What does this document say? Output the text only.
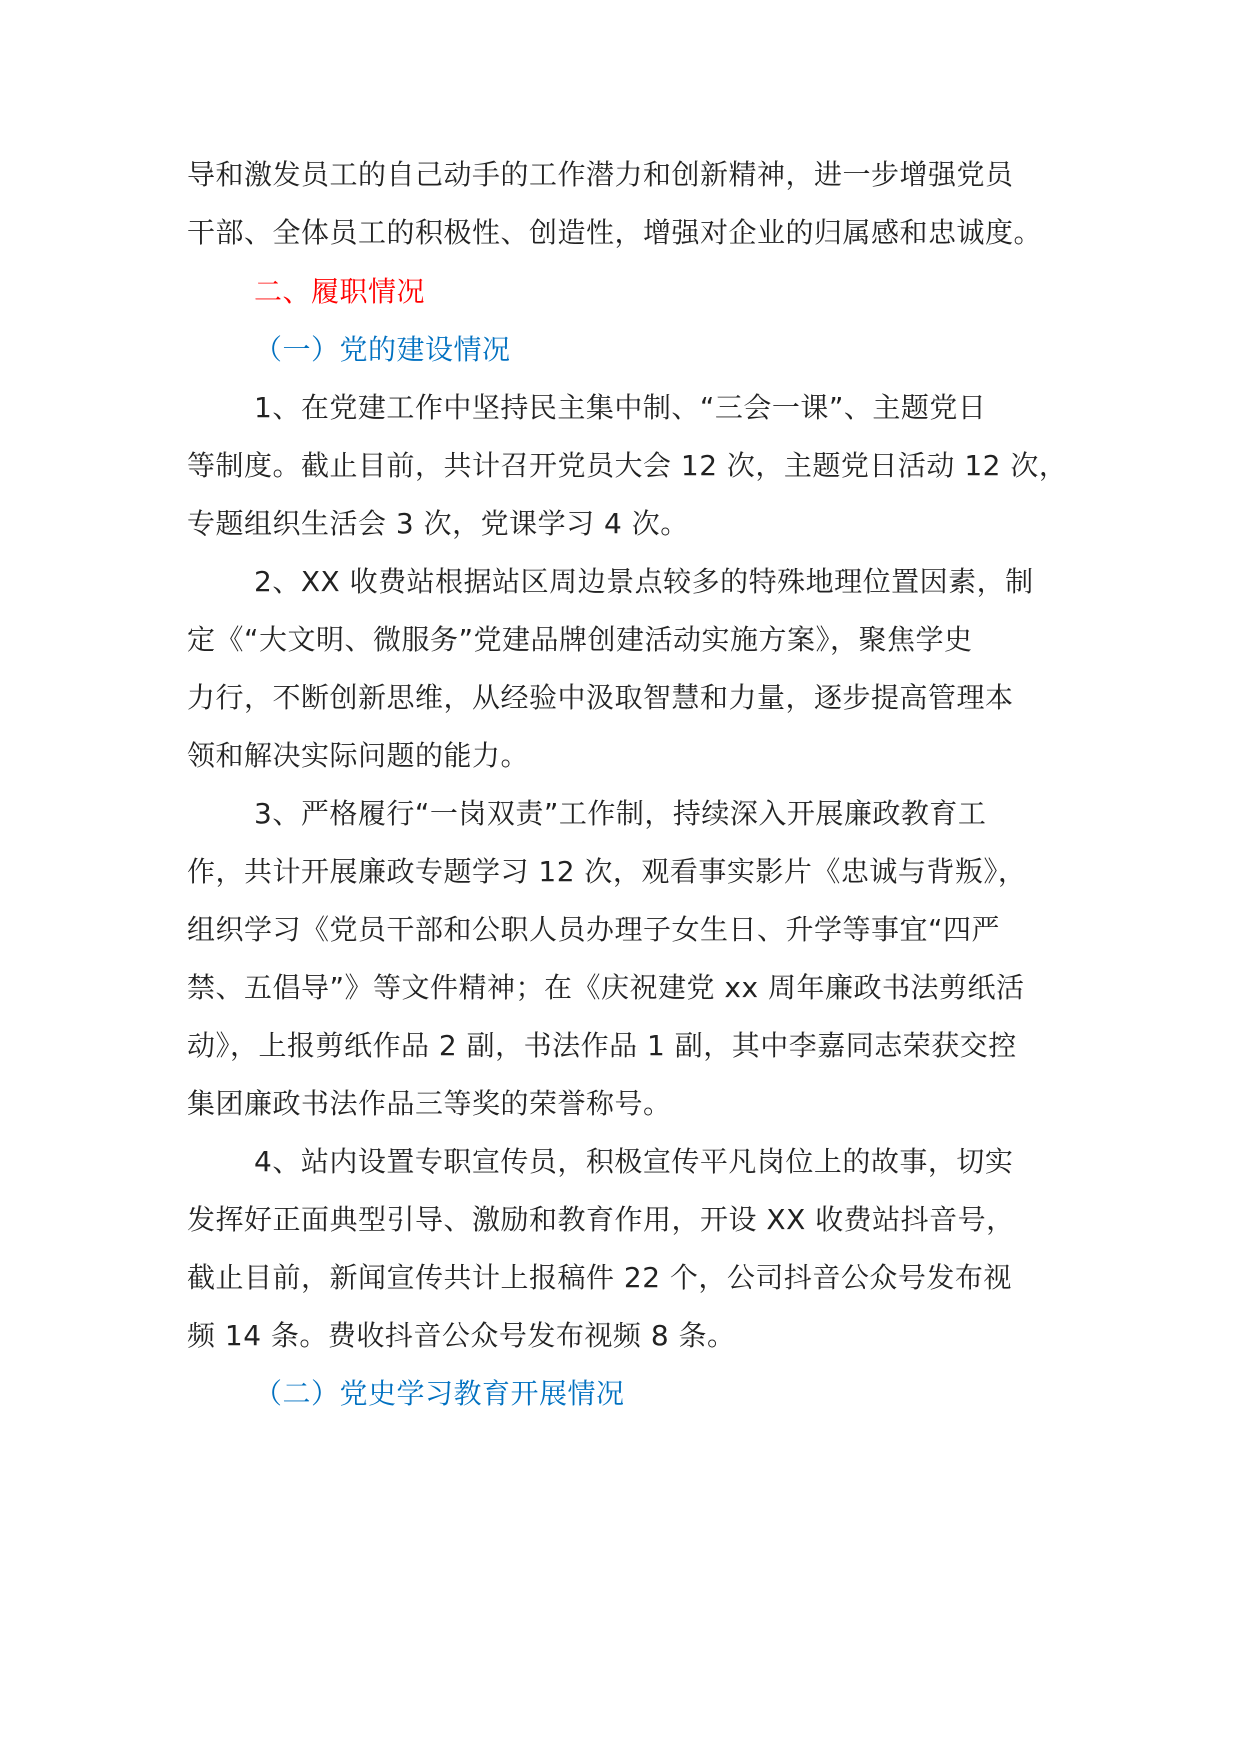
导和激发员工的自己动手的工作潜力和创新精神，进一步增强党员
干部、全体员工的积极性、创造性，增强对企业的归属感和忠诚度。
二、履职情况
（一）党的建设情况
1、在党建工作中坚持民主集中制、“三会一课”、主题党日
等制度。截止目前，共计召开党员大会 12 次，主题党日活动 12 次，
专题组织生活会 3 次，党课学习 4 次。
2、XX 收费站根据站区周边景点较多的特殊地理位置因素，制
定《“大文明、微服务”党建品牌创建活动实施方案》，聚焦学史
力行，不断创新思维，从经验中汲取智慧和力量，逐步提高管理本
领和解决实际问题的能力。
3、严格履行“一岗双责”工作制，持续深入开展廉政教育工
作，共计开展廉政专题学习 12 次，观看事实影片《忠诚与背叛》，
组织学习《党员干部和公职人员办理子女生日、升学等事宜“四严
禁、五倡导”》等文件精神；在《庆祝建党 xx 周年廉政书法剪纸活
动》，上报剪纸作品 2 副，书法作品 1 副，其中李嘉同志荣获交控
集团廉政书法作品三等奖的荣誉称号。
4、站内设置专职宣传员，积极宣传平凡岗位上的故事，切实
发挥好正面典型引导、激励和教育作用，开设 XX 收费站抖音号，
截止目前，新闻宣传共计上报稿件 22 个，公司抖音公众号发布视
频 14 条。费收抖音公众号发布视频 8 条。
（二）党史学习教育开展情况
